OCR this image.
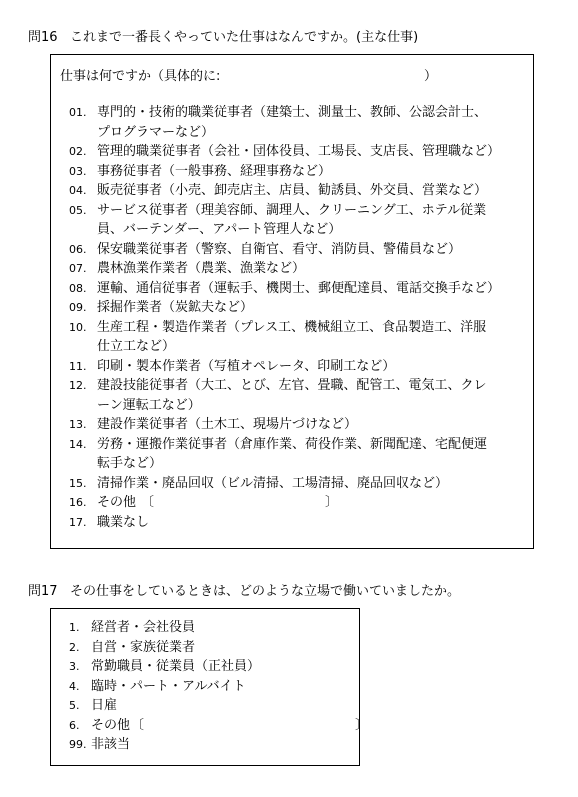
問16 これまで一番長くやっていた仕事はなんですか。(主な仕事)
仕事は何ですか（具体的に:	）
01. 専門的・技術的職業従事者（建築士、測量士、教師、公認会計士、
プログラマーなど）
02. 管理的職業従事者（会社・団体役員、工場長、支店長、管理職など）
03. 事務従事者（一般事務、経理事務など）
04. 販売従事者（小売、卸売店主、店員、勧誘員、外交員、営業など）
05. サービス従事者（理美容師、調理人、クリーニング工、ホテル従業
員、バーテンダー、アパート管理人など）
06. 保安職業従事者（警察、自衛官、看守、消防員、警備員など）
07. 農林漁業作業者（農業、漁業など）
08. 運輸、通信従事者（運転手、機関士、郵便配達員、電話交換手など）
09. 採掘作業者（炭鉱夫など）
10. 生産工程・製造作業者（プレス工、機械組立工、食品製造工、洋服
仕立工など）
11. 印刷・製本作業者（写植オペレータ、印刷工など）
12. 建設技能従事者（大工、とび、左官、畳職、配管工、電気工、クレ
ーン運転工など）
13. 建設作業従事者（土木工、現場片づけなど）
14. 労務・運搬作業従事者（倉庫作業、荷役作業、新聞配達、宅配便運
転手など）
15. 清掃作業・廃品回収（ビル清掃、工場清掃、廃品回収など）
16. その他 〔	〕
17. 職業なし
問17 その仕事をしているときは、どのような立場で働いていましたか。
1. 経営者・会社役員
2. 自営・家族従業者
3. 常勤職員・従業員（正社員）
4. 臨時・パート・アルバイト
5. 日雇
6. その他 〔	〕
99. 非該当
